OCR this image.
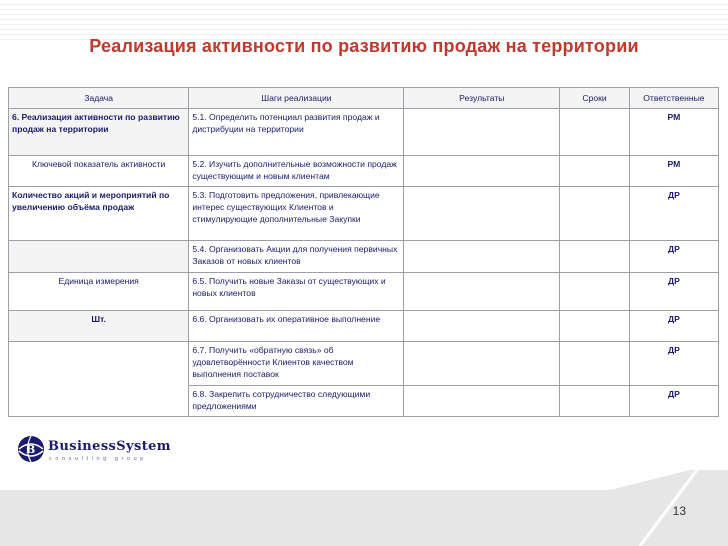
Реализация активности по развитию продаж на территории
Задача	Шаги реализации	Результаты	Сроки	Ответственные
6. Реализация активности по развитию продаж на территории	5.1. Определить потенциал развития продаж и дистрибуции на территории			РМ
Ключевой показатель активности	5.2. Изучить дополнительные возможности продаж существующим и новым клиентам			РМ
Количество акций и мероприятий по увеличению объёма продаж	5.3. Подготовить предложения, привлекающие интерес существующих Клиентов и стимулирующие дополнительные Закупки			ДР
	5.4. Организовать Акции для получения первичных Заказов от новых клиентов			ДР
Единица измерения	6.5. Получить новые Заказы от существующих и новых клиентов			ДР
Шт.	6.6. Организовать их оперативное выполнение			ДР
	6.7. Получить «обратную связь» об удовлетворённости Клиентов качеством выполнения поставок			ДР
	6.8. Закрепить сотрудничество следующими предложениями			ДР
B BusinessSystem
consulting group
13
